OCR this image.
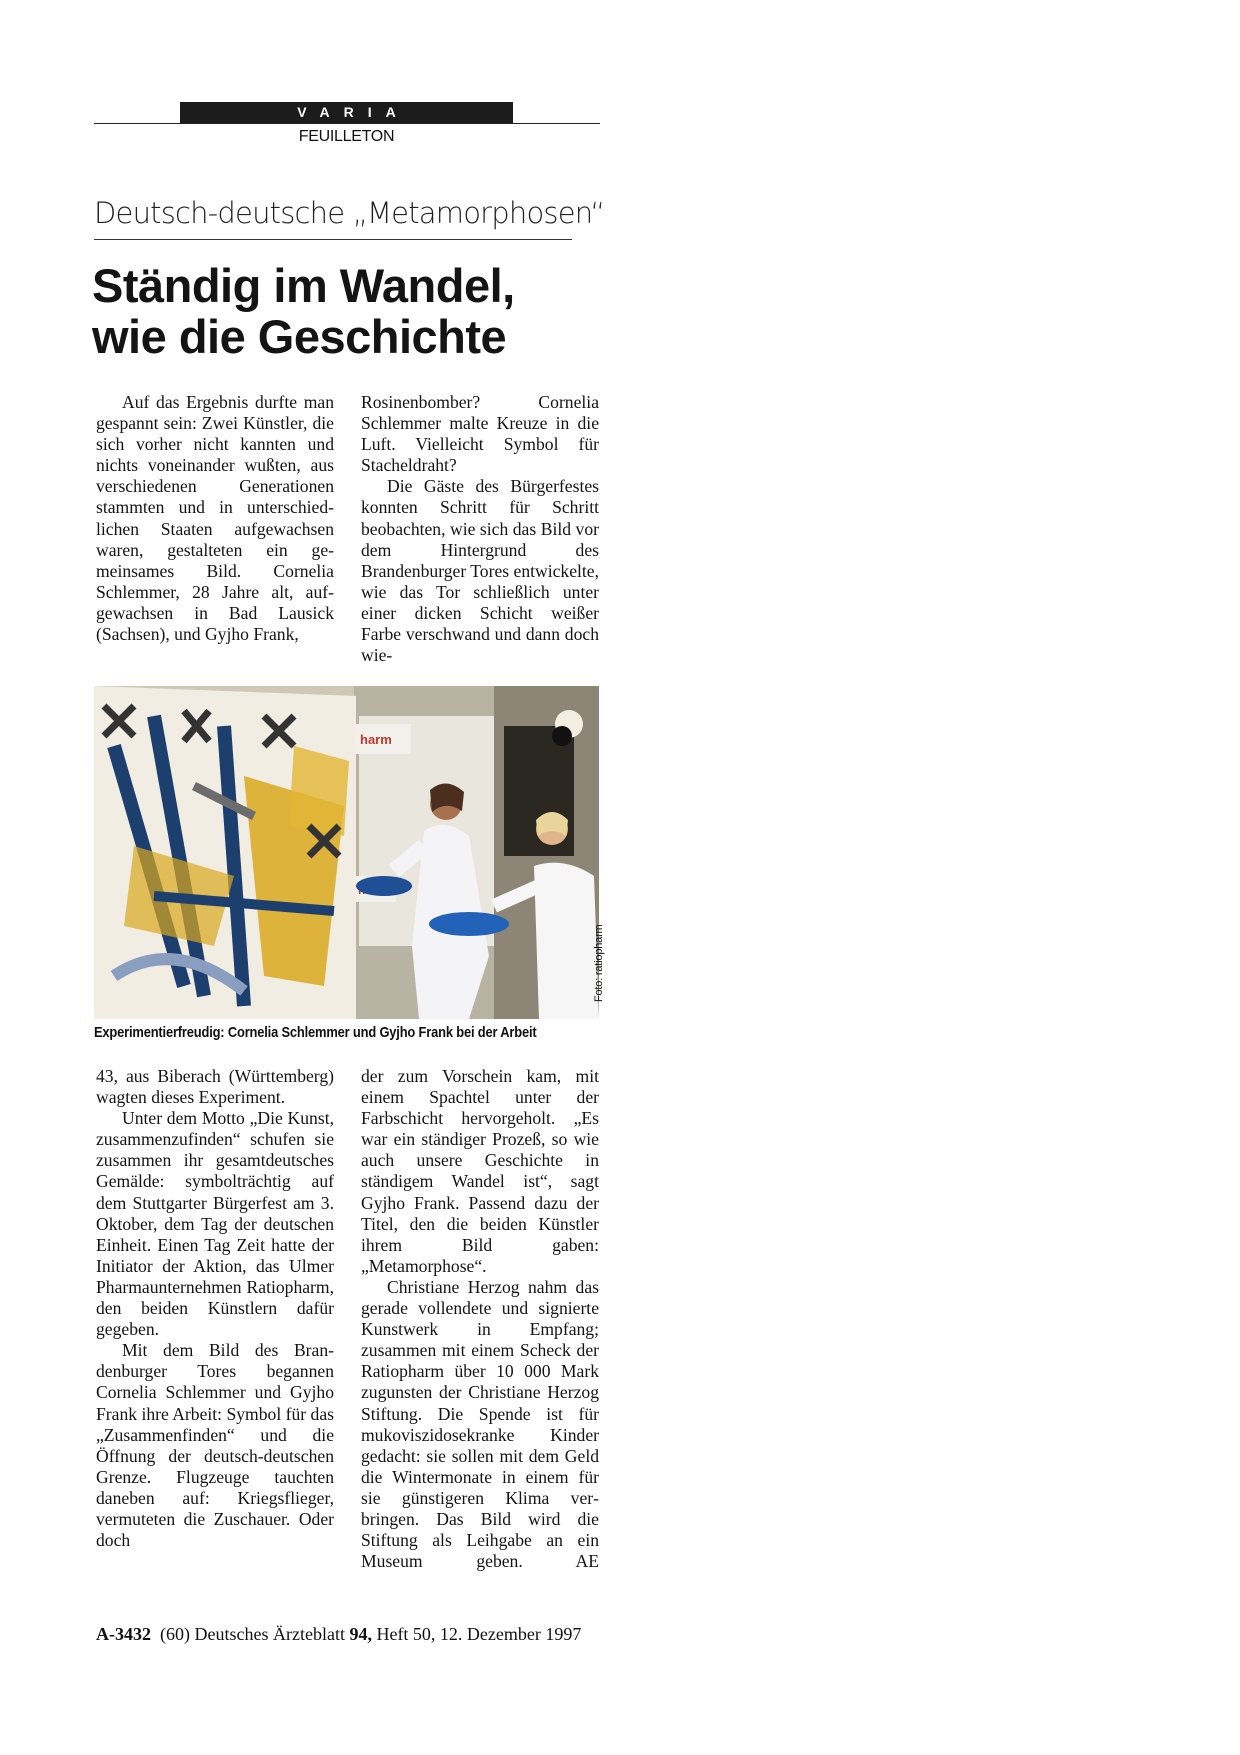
VARIA
FEUILLETON
Deutsch-deutsche „Metamorphosen“
Ständig im Wandel,
wie die Geschichte

Auf das Ergebnis durfte man gespannt sein: Zwei Künstler, die sich vorher nicht kannten und nichts voneinander wußten, aus verschiedenen Generationen stammten und in unterschiedlichen Staaten aufgewachsen waren, gestalteten ein gemeinsames Bild. Cornelia Schlemmer, 28 Jahre alt, aufgewachsen in Bad Lausick (Sachsen), und Gyjho Frank,

Rosinenbomber? Cornelia Schlemmer malte Kreuze in die Luft. Vielleicht Symbol für Stacheldraht?

Die Gäste des Bürgerfestes konnten Schritt für Schritt beobachten, wie sich das Bild vor dem Hintergrund des Brandenburger Tores entwickelte, wie das Tor schließlich unter einer dicken Schicht weißer Farbe verschwand und dann doch wie-

harm
Foto: ratiopharm
Experimentierfreudig: Cornelia Schlemmer und Gyjho Frank bei der Arbeit

43, aus Biberach (Württemberg) wagten dieses Experiment.

Unter dem Motto „Die Kunst, zusammenzufinden“ schufen sie zusammen ihr gesamtdeutsches Gemälde: symbolträchtig auf dem Stuttgarter Bürgerfest am 3. Oktober, dem Tag der deutschen Einheit. Einen Tag Zeit hatte der Initiator der Aktion, das Ulmer Pharmaunternehmen Ratiopharm, den beiden Künstlern dafür gegeben.

Mit dem Bild des Brandenburger Tores begannen Cornelia Schlemmer und Gyjho Frank ihre Arbeit: Symbol für das „Zusammenfinden“ und die Öffnung der deutsch-deutschen Grenze. Flugzeuge tauchten daneben auf: Kriegsflieger, vermuteten die Zuschauer. Oder doch

der zum Vorschein kam, mit einem Spachtel unter der Farbschicht hervorgeholt. „Es war ein ständiger Prozeß, so wie auch unsere Geschichte in ständigem Wandel ist“, sagt Gyjho Frank. Passend dazu der Titel, den die beiden Künstler ihrem Bild gaben: „Metamorphose“.

Christiane Herzog nahm das gerade vollendete und signierte Kunstwerk in Empfang; zusammen mit einem Scheck der Ratiopharm über 10 000 Mark zugunsten der Christiane Herzog Stiftung. Die Spende ist für mukoviszidosekranke Kinder gedacht: sie sollen mit dem Geld die Wintermonate in einem für sie günstigeren Klima verbringen. Das Bild wird die Stiftung als Leihgabe an ein Museum geben. AE

A-3432 (60) Deutsches Ärzteblatt 94, Heft 50, 12. Dezember 1997
